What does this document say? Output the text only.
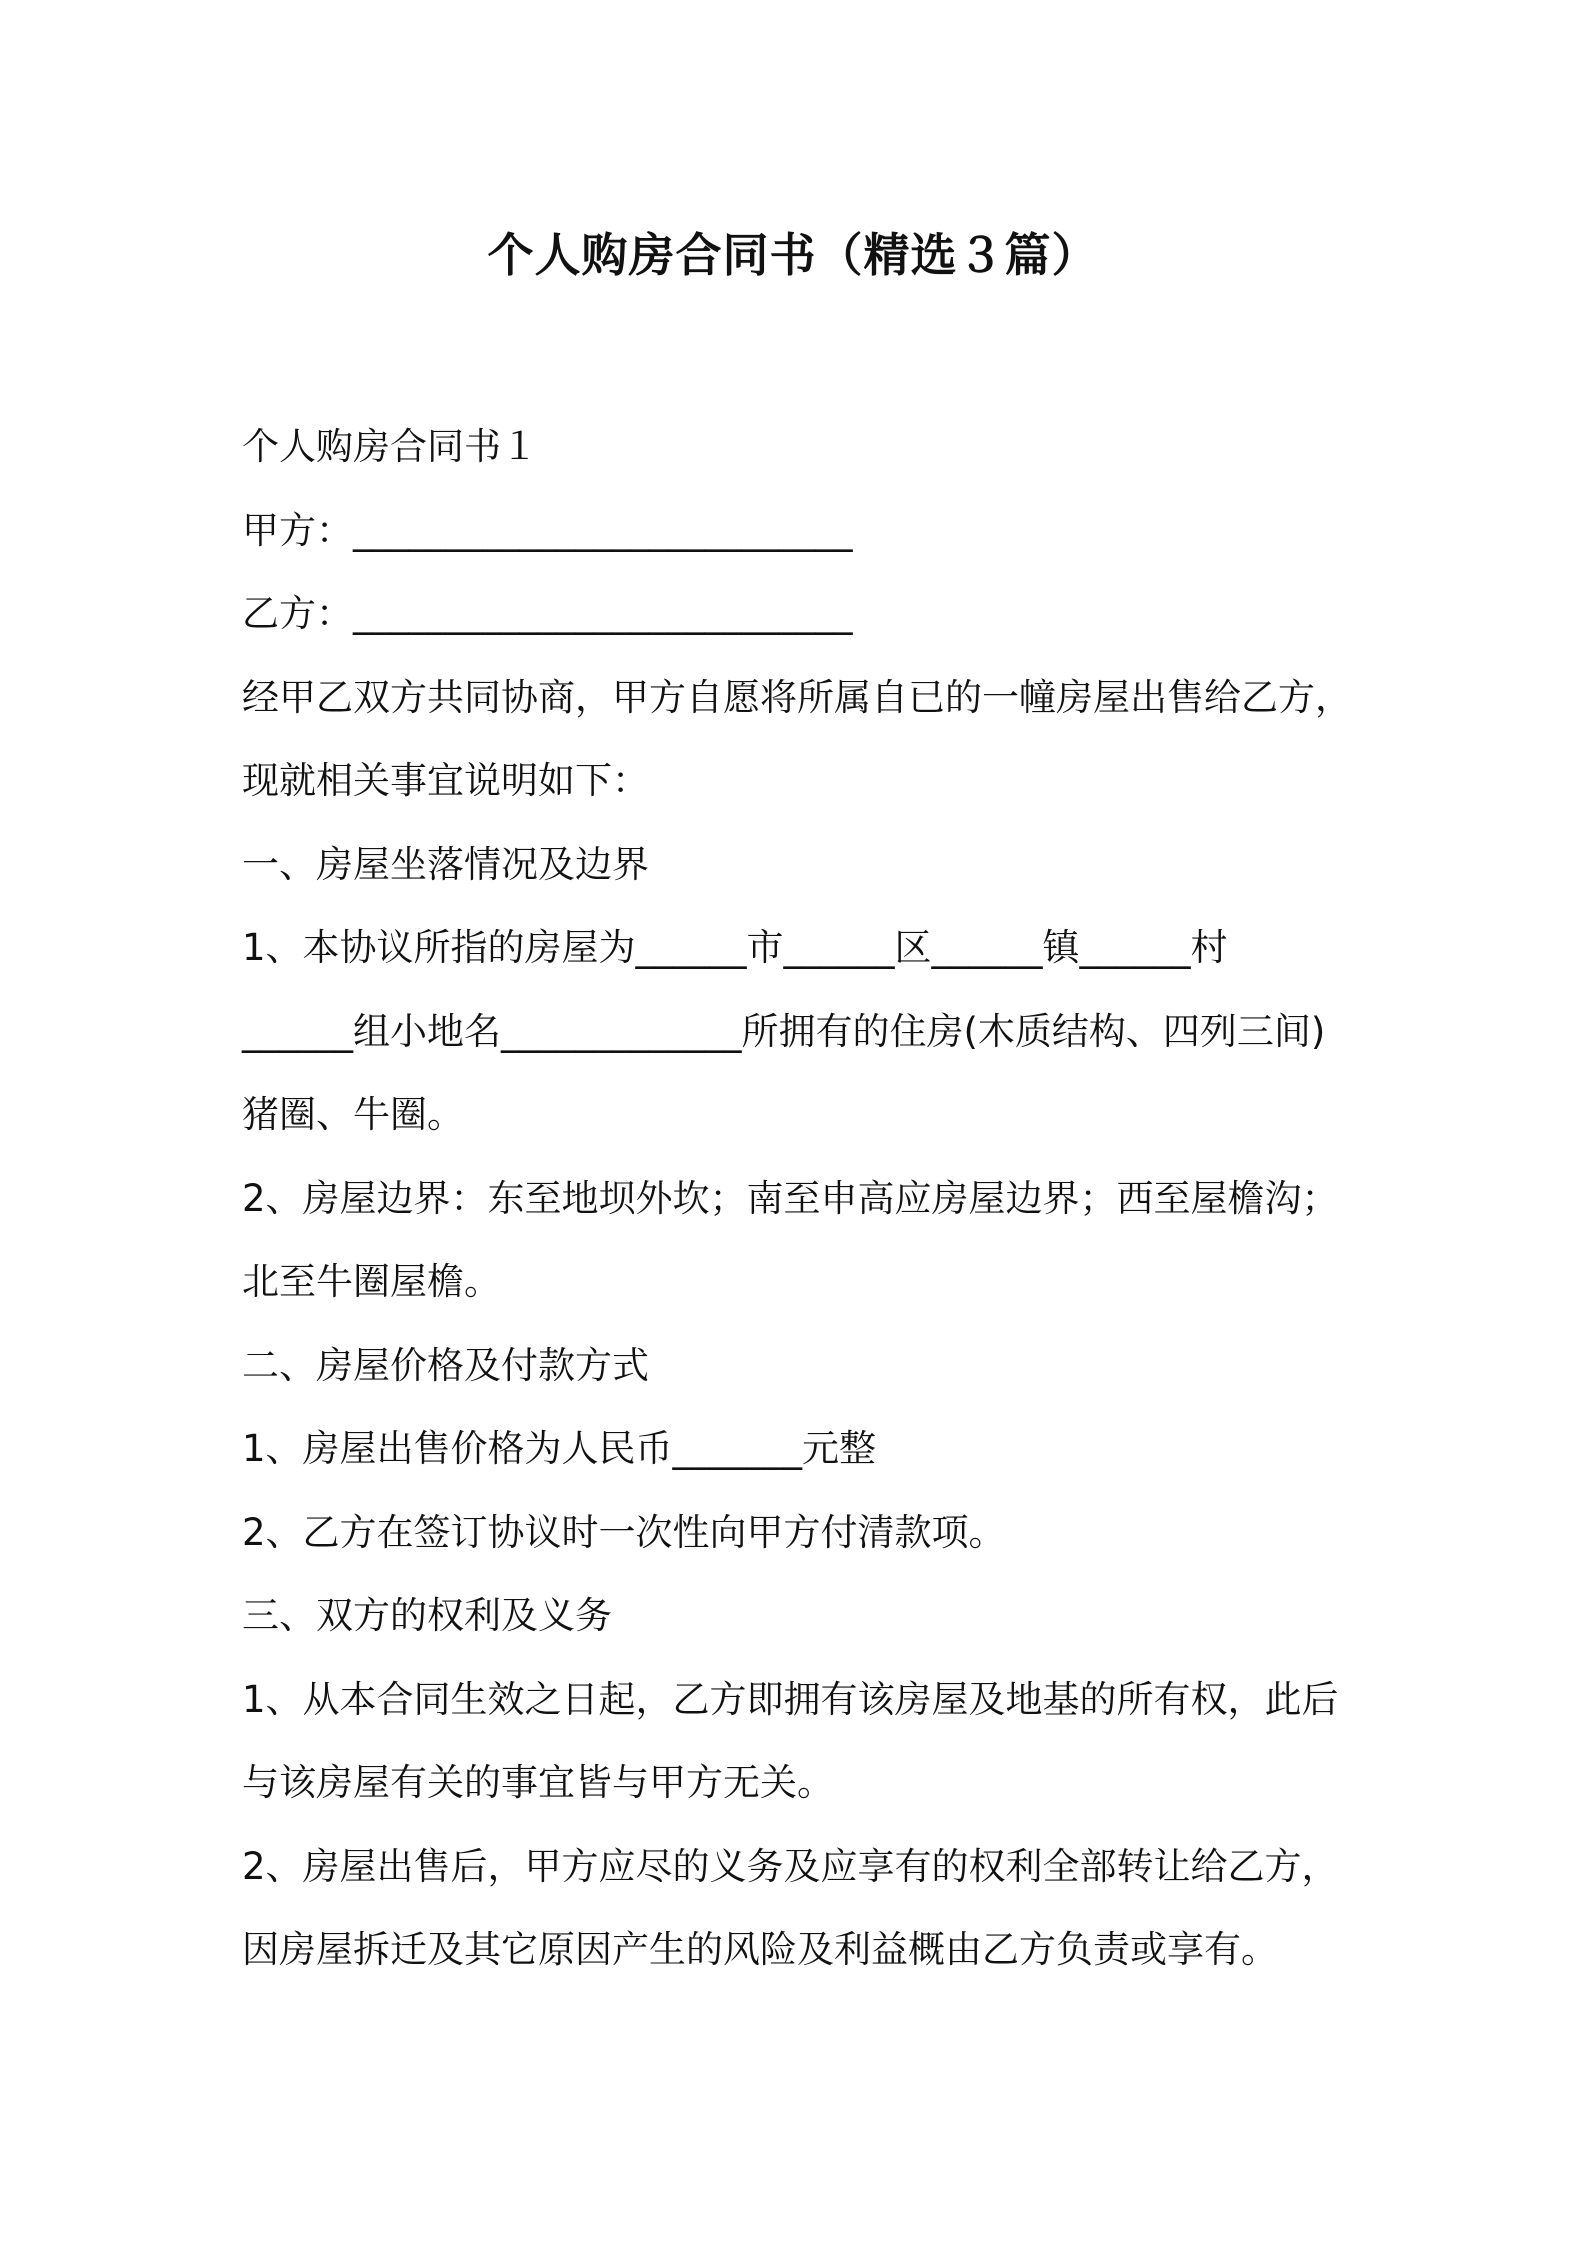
个人购房合同书（精选３篇）

个人购房合同书１

甲方：___________________________

乙方：___________________________

经甲乙双方共同协商，甲方自愿将所属自已的一幢房屋出售给乙方，

现就相关事宜说明如下：

一、房屋坐落情况及边界

1、本协议所指的房屋为______市______区______镇______村

______组小地名_____________所拥有的住房(木质结构、四列三间)

猪圈、牛圈。

2、房屋边界：东至地坝外坎；南至申高应房屋边界；西至屋檐沟；

北至牛圈屋檐。

二、房屋价格及付款方式

1、房屋出售价格为人民币_______元整

2、乙方在签订协议时一次性向甲方付清款项。

三、双方的权利及义务

1、从本合同生效之日起，乙方即拥有该房屋及地基的所有权，此后

与该房屋有关的事宜皆与甲方无关。

2、房屋出售后，甲方应尽的义务及应享有的权利全部转让给乙方，

因房屋拆迁及其它原因产生的风险及利益概由乙方负责或享有。
